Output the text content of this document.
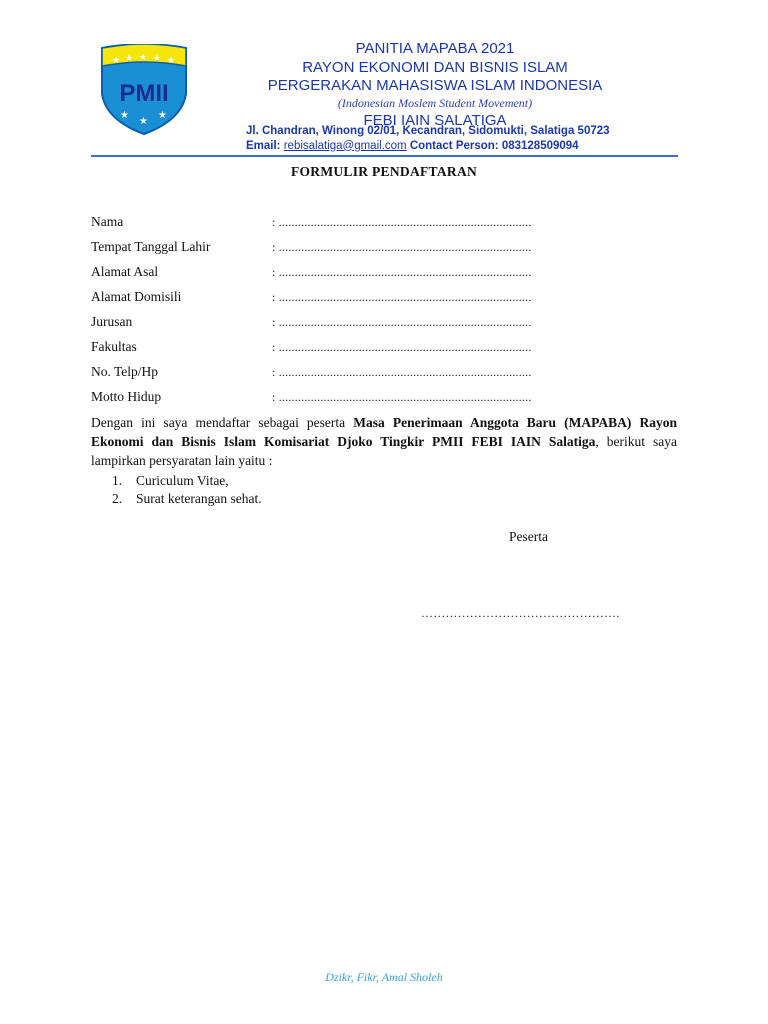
★ ★ ★ ★ ★
★
★
★
PMII
PANITIA MAPABA 2021
RAYON EKONOMI DAN BISNIS ISLAM
PERGERAKAN MAHASISWA ISLAM INDONESIA
(Indonesian Moslem Student Movement)
FEBI IAIN SALATIGA
Jl. Chandran, Winong 02/01, Kecandran, Sidomukti, Salatiga 50723
Email: rebisalatiga@gmail.com Contact Person: 083128509094
FORMULIR PENDAFTARAN
Nama	: ...............................................................................
Tempat Tanggal Lahir	: ...............................................................................
Alamat Asal	: ...............................................................................
Alamat Domisili	: ...............................................................................
Jurusan	: ...............................................................................
Fakultas	: ...............................................................................
No. Telp/Hp	: ...............................................................................
Motto Hidup	: ...............................................................................
Dengan ini saya mendaftar sebagai peserta Masa Penerimaan Anggota Baru (MAPABA) Rayon Ekonomi dan Bisnis Islam Komisariat Djoko Tingkir PMII FEBI IAIN Salatiga, berikut saya lampirkan persyaratan lain yaitu :
1. Curiculum Vitae,
2. Surat keterangan sehat.
Peserta
………………………………………….
Dzikr, Fikr, Amal Sholeh
